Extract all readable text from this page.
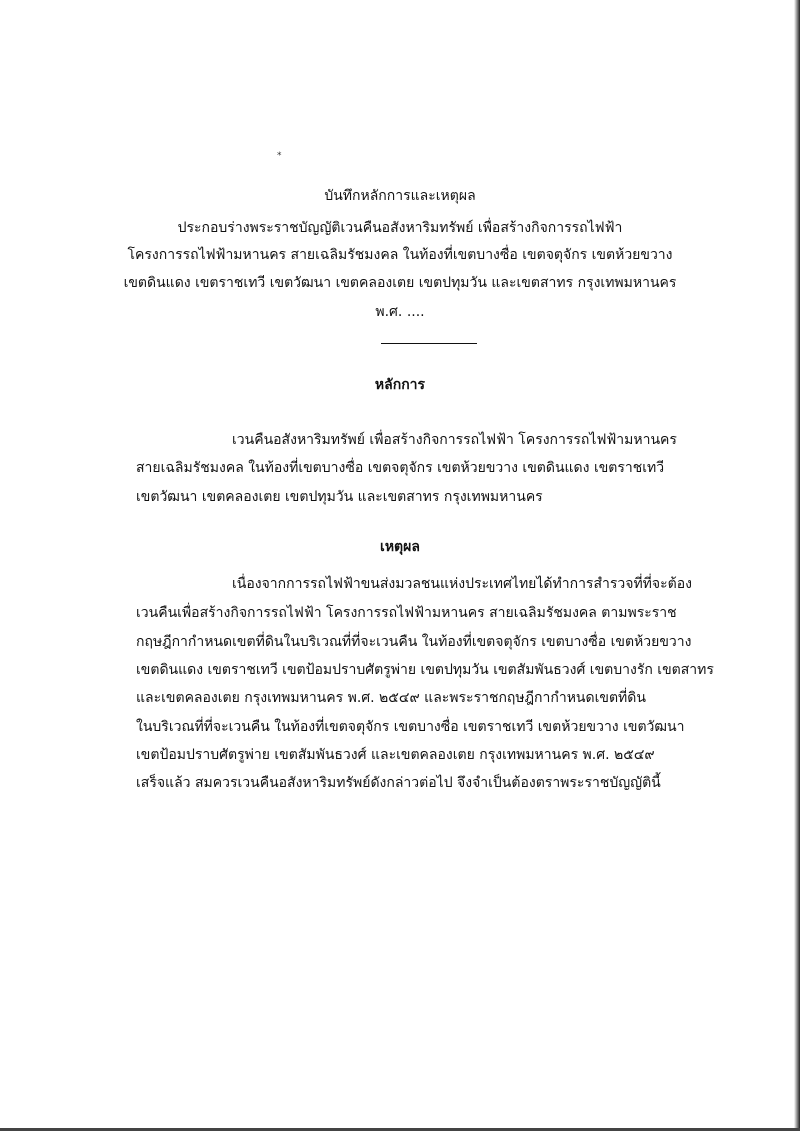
*
บันทึกหลักการและเหตุผล
ประกอบร่างพระราชบัญญัติเวนคืนอสังหาริมทรัพย์ เพื่อสร้างกิจการรถไฟฟ้า
โครงการรถไฟฟ้ามหานคร สายเฉลิมรัชมงคล ในท้องที่เขตบางซื่อ เขตจตุจักร เขตห้วยขวาง
เขตดินแดง เขตราชเทวี เขตวัฒนา เขตคลองเตย เขตปทุมวัน และเขตสาทร กรุงเทพมหานคร
พ.ศ. ....
หลักการ
เวนคืนอสังหาริมทรัพย์ เพื่อสร้างกิจการรถไฟฟ้า โครงการรถไฟฟ้ามหานคร
สายเฉลิมรัชมงคล ในท้องที่เขตบางซื่อ เขตจตุจักร เขตห้วยขวาง เขตดินแดง เขตราชเทวี
เขตวัฒนา เขตคลองเตย เขตปทุมวัน และเขตสาทร กรุงเทพมหานคร
เหตุผล
เนื่องจากการรถไฟฟ้าขนส่งมวลชนแห่งประเทศไทยได้ทำการสำรวจที่ที่จะต้อง
เวนคืนเพื่อสร้างกิจการรถไฟฟ้า โครงการรถไฟฟ้ามหานคร สายเฉลิมรัชมงคล ตามพระราช
กฤษฎีกากำหนดเขตที่ดินในบริเวณที่ที่จะเวนคืน ในท้องที่เขตจตุจักร เขตบางซื่อ เขตห้วยขวาง
เขตดินแดง เขตราชเทวี เขตป้อมปราบศัตรูพ่าย เขตปทุมวัน เขตสัมพันธวงศ์ เขตบางรัก เขตสาทร
และเขตคลองเตย กรุงเทพมหานคร พ.ศ. ๒๕๔๙ และพระราชกฤษฎีกากำหนดเขตที่ดิน
ในบริเวณที่ที่จะเวนคืน ในท้องที่เขตจตุจักร เขตบางซื่อ เขตราชเทวี เขตห้วยขวาง เขตวัฒนา
เขตป้อมปราบศัตรูพ่าย เขตสัมพันธวงศ์ และเขตคลองเตย กรุงเทพมหานคร พ.ศ. ๒๕๔๙
เสร็จแล้ว สมควรเวนคืนอสังหาริมทรัพย์ดังกล่าวต่อไป จึงจำเป็นต้องตราพระราชบัญญัตินี้
